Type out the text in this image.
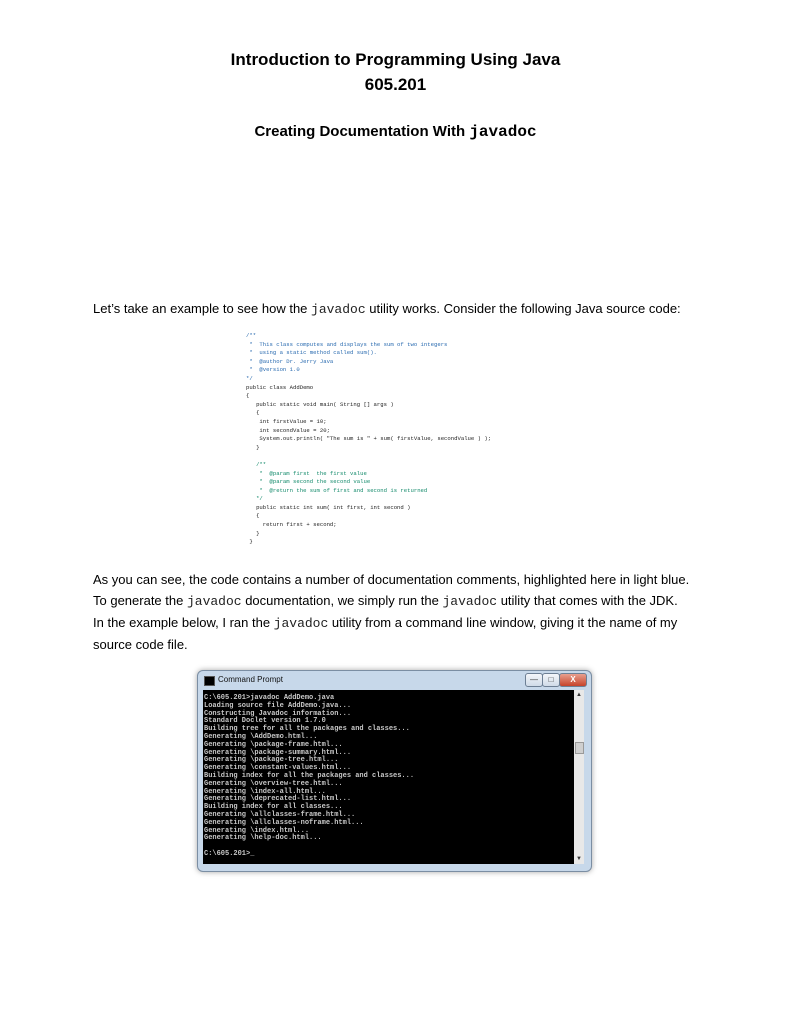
Introduction to Programming Using Java
605.201
Creating Documentation With javadoc
Let’s take an example to see how the javadoc utility works. Consider the following Java source code:
/**
*  This class computes and displays the sum of two integers
*  using a static method called sum().
*  @author Dr. Jerry Java
*  @version 1.0
*/
public class AddDemo
{
public static void main( String [] args )
{
int firstValue = 10;
int secondValue = 20;
System.out.println( "The sum is " + sum( firstValue, secondValue ) );
}

/**
*  @param first  the first value
*  @param second the second value
*  @return the sum of first and second is returned
*/
public static int sum( int first, int second )
{
return first + second;
}
}
As you can see, the code contains a number of documentation comments, highlighted here in light blue.
To generate the javadoc documentation, we simply run the javadoc utility that comes with the JDK.
In the example below, I ran the javadoc utility from a command line window, giving it the name of my
source code file.
Command Prompt	—	□	X
C:\605.201>javadoc AddDemo.java
Loading source file AddDemo.java...
Constructing Javadoc information...
Standard Doclet version 1.7.0
Building tree for all the packages and classes...
Generating \AddDemo.html...
Generating \package-frame.html...
Generating \package-summary.html...
Generating \package-tree.html...
Generating \constant-values.html...
Building index for all the packages and classes...
Generating \overview-tree.html...
Generating \index-all.html...
Generating \deprecated-list.html...
Building index for all classes...
Generating \allclasses-frame.html...
Generating \allclasses-noframe.html...
Generating \index.html...
Generating \help-doc.html...

C:\605.201>_
▲
▼
